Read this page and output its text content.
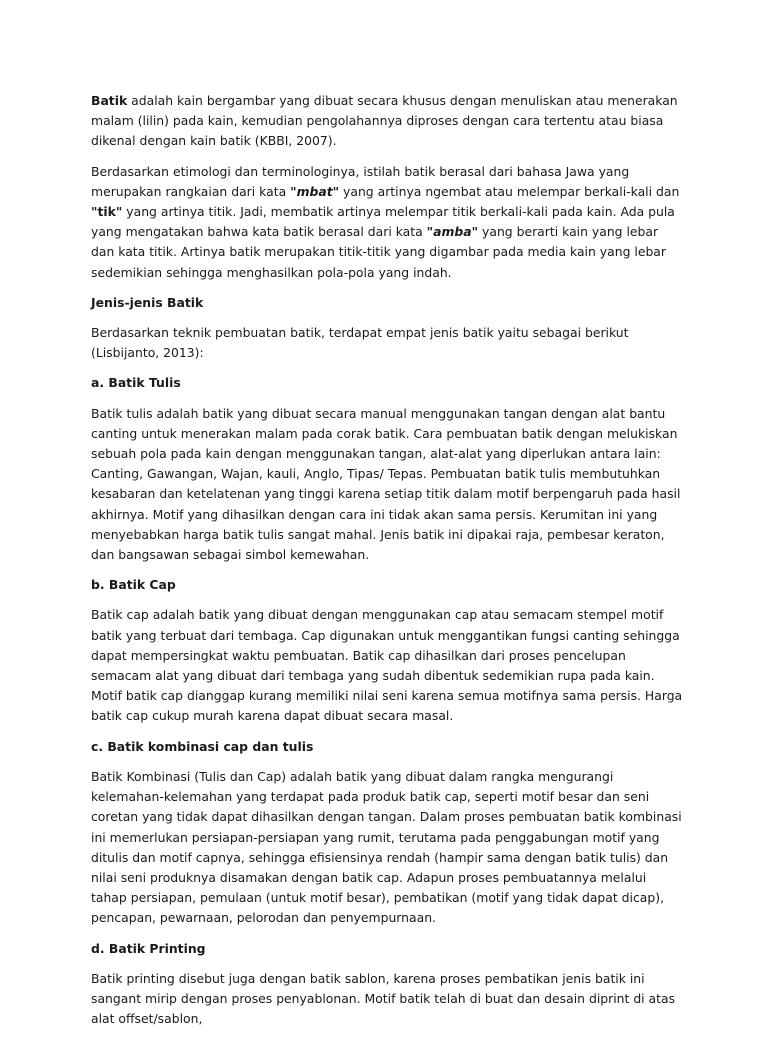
Batik adalah kain bergambar yang dibuat secara khusus dengan menuliskan atau menerakan malam (lilin) pada kain, kemudian pengolahannya diproses dengan cara tertentu atau biasa dikenal dengan kain batik (KBBI, 2007).

Berdasarkan etimologi dan terminologinya, istilah batik berasal dari bahasa Jawa yang merupakan rangkaian dari kata "mbat" yang artinya ngembat atau melempar berkali-kali dan "tik" yang artinya titik. Jadi, membatik artinya melempar titik berkali-kali pada kain. Ada pula yang mengatakan bahwa kata batik berasal dari kata "amba" yang berarti kain yang lebar dan kata titik. Artinya batik merupakan titik-titik yang digambar pada media kain yang lebar sedemikian sehingga menghasilkan pola-pola yang indah.

Jenis-jenis Batik

Berdasarkan teknik pembuatan batik, terdapat empat jenis batik yaitu sebagai berikut (Lisbijanto, 2013):

a. Batik Tulis

Batik tulis adalah batik yang dibuat secara manual menggunakan tangan dengan alat bantu canting untuk menerakan malam pada corak batik. Cara pembuatan batik dengan melukiskan sebuah pola pada kain dengan menggunakan tangan, alat-alat yang diperlukan antara lain: Canting, Gawangan, Wajan, kauli, Anglo, Tipas/ Tepas. Pembuatan batik tulis membutuhkan kesabaran dan ketelatenan yang tinggi karena setiap titik dalam motif berpengaruh pada hasil akhirnya. Motif yang dihasilkan dengan cara ini tidak akan sama persis. Kerumitan ini yang menyebabkan harga batik tulis sangat mahal. Jenis batik ini dipakai raja, pembesar keraton, dan bangsawan sebagai simbol kemewahan.

b. Batik Cap

Batik cap adalah batik yang dibuat dengan menggunakan cap atau semacam stempel motif batik yang terbuat dari tembaga. Cap digunakan untuk menggantikan fungsi canting sehingga dapat mempersingkat waktu pembuatan. Batik cap dihasilkan dari proses pencelupan semacam alat yang dibuat dari tembaga yang sudah dibentuk sedemikian rupa pada kain. Motif batik cap dianggap kurang memiliki nilai seni karena semua motifnya sama persis. Harga batik cap cukup murah karena dapat dibuat secara masal.

c. Batik kombinasi cap dan tulis

Batik Kombinasi (Tulis dan Cap) adalah batik yang dibuat dalam rangka mengurangi kelemahan-kelemahan yang terdapat pada produk batik cap, seperti motif besar dan seni coretan yang tidak dapat dihasilkan dengan tangan. Dalam proses pembuatan batik kombinasi ini memerlukan persiapan-persiapan yang rumit, terutama pada penggabungan motif yang ditulis dan motif capnya, sehingga efisiensinya rendah (hampir sama dengan batik tulis) dan nilai seni produknya disamakan dengan batik cap. Adapun proses pembuatannya melalui tahap persiapan, pemulaan (untuk motif besar), pembatikan (motif yang tidak dapat dicap), pencapan, pewarnaan, pelorodan dan penyempurnaan.

d. Batik Printing

Batik printing disebut juga dengan batik sablon, karena proses pembatikan jenis batik ini sangant mirip dengan proses penyablonan. Motif batik telah di buat dan desain diprint di atas alat offset/sablon,
